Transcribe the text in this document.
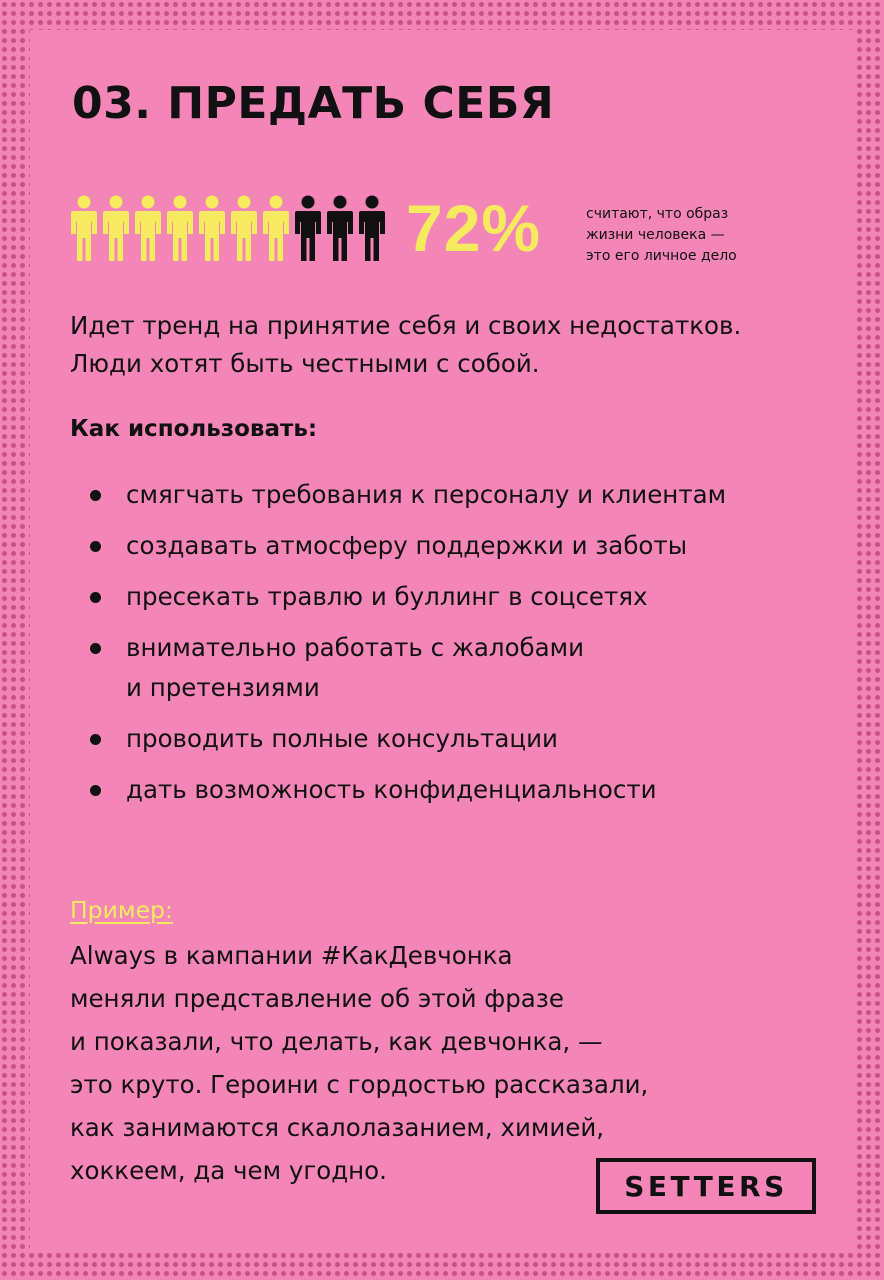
03. ПРЕДАТЬ СЕБЯ
72%	считают, что образ
жизни человека —
это его личное дело
Идет тренд на принятие себя и своих недостатков.
Люди хотят быть честными с собой.
Как использовать:
смягчать требования к персоналу и клиентам
создавать атмосферу поддержки и заботы
пресекать травлю и буллинг в соцсетях
внимательно работать с жалобами
и претензиями
проводить полные консультации
дать возможность конфиденциальности
Пример:
Always в кампании #КакДевчонка
меняли представление об этой фразе
и показали, что делать, как девчонка, —
это круто. Героини с гордостью рассказали,
как занимаются скалолазанием, химией,
хоккеем, да чем угодно.	SETTERS
